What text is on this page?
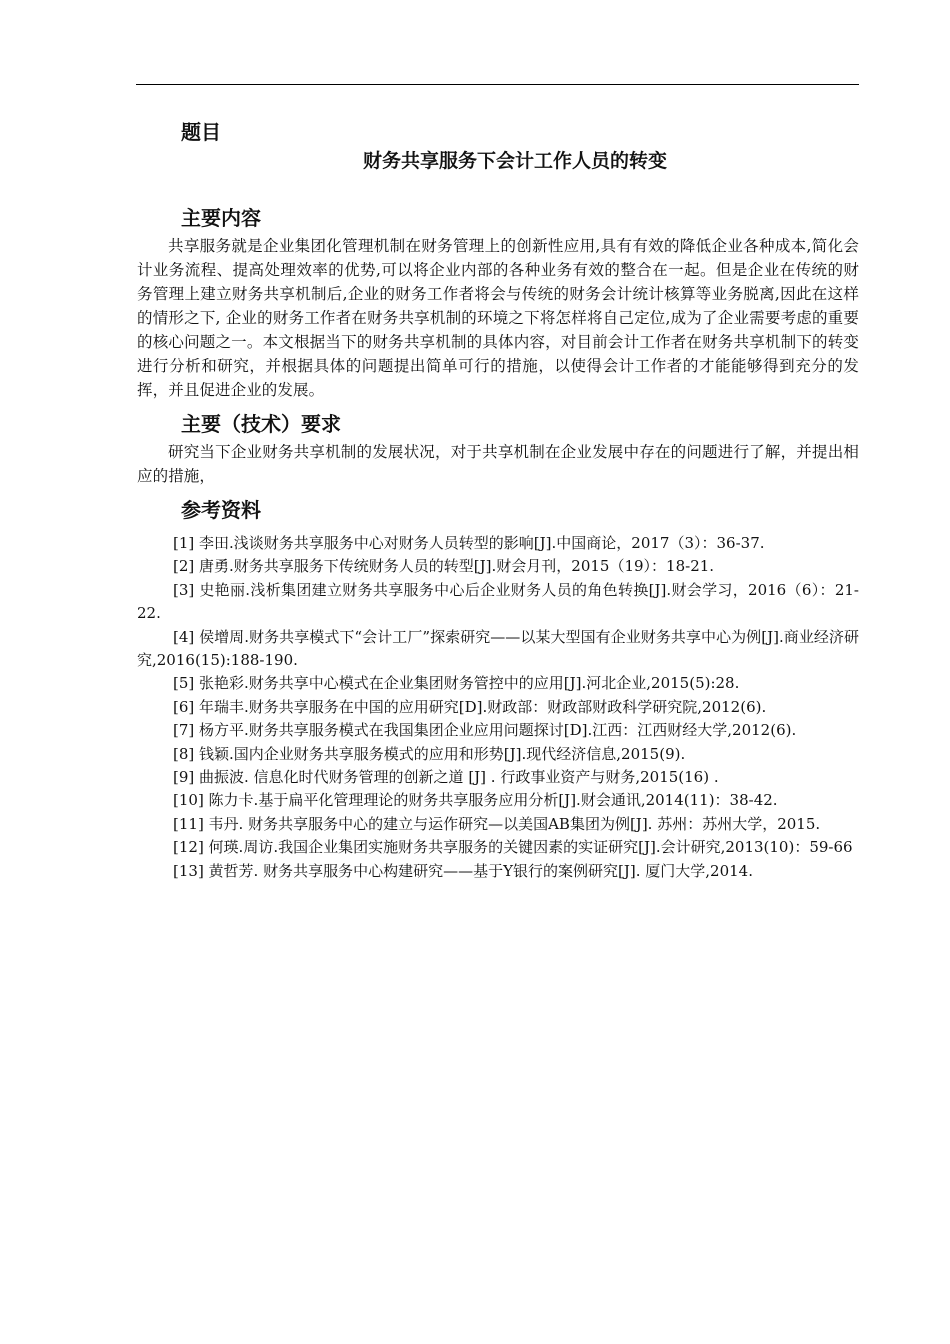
题目

财务共享服务下会计工作人员的转变

主要内容

共享服务就是企业集团化管理机制在财务管理上的创新性应用,具有有效的降低企业各种成本,简化会计业务流程、提高处理效率的优势,可以将企业内部的各种业务有效的整合在一起。但是企业在传统的财务管理上建立财务共享机制后,企业的财务工作者将会与传统的财务会计统计核算等业务脱离,因此在这样的情形之下, 企业的财务工作者在财务共享机制的环境之下将怎样将自己定位,成为了企业需要考虑的重要的核心问题之一。本文根据当下的财务共享机制的具体内容，对目前会计工作者在财务共享机制下的转变进行分析和研究，并根据具体的问题提出简单可行的措施，以使得会计工作者的才能能够得到充分的发挥，并且促进企业的发展。

主要（技术）要求

研究当下企业财务共享机制的发展状况，对于共享机制在企业发展中存在的问题进行了解，并提出相应的措施，

参考资料

[1] 李田.浅谈财务共享服务中心对财务人员转型的影响[J].中国商论，2017（3）：36-37.
[2] 唐勇.财务共享服务下传统财务人员的转型[J].财会月刊，2015（19）：18-21.
[3] 史艳丽.浅析集团建立财务共享服务中心后企业财务人员的角色转换[J].财会学习，2016（6）：21-22.
[4] 侯增周.财务共享模式下“会计工厂”探索研究——以某大型国有企业财务共享中心为例[J].商业经济研究,2016(15):188-190.
[5] 张艳彩.财务共享中心模式在企业集团财务管控中的应用[J].河北企业,2015(5):28.
[6] 年瑞丰.财务共享服务在中国的应用研究[D].财政部：财政部财政科学研究院,2012(6).
[7] 杨方平.财务共享服务模式在我国集团企业应用问题探讨[D].江西：江西财经大学,2012(6).
[8] 钱颖.国内企业财务共享服务模式的应用和形势[J].现代经济信息,2015(9).
[9] 曲振波. 信息化时代财务管理的创新之道 [J] . 行政事业资产与财务,2015(16) .
[10] 陈力卡.基于扁平化管理理论的财务共享服务应用分析[J].财会通讯,2014(11)：38-42.
[11] 韦丹. 财务共享服务中心的建立与运作研究—以美国AB集团为例[J]. 苏州：苏州大学，2015.
[12] 何瑛.周访.我国企业集团实施财务共享服务的关键因素的实证研究[J].会计研究,2013(10)：59-66
[13] 黄哲芳. 财务共享服务中心构建研究——基于Y银行的案例研究[J]. 厦门大学,2014.
